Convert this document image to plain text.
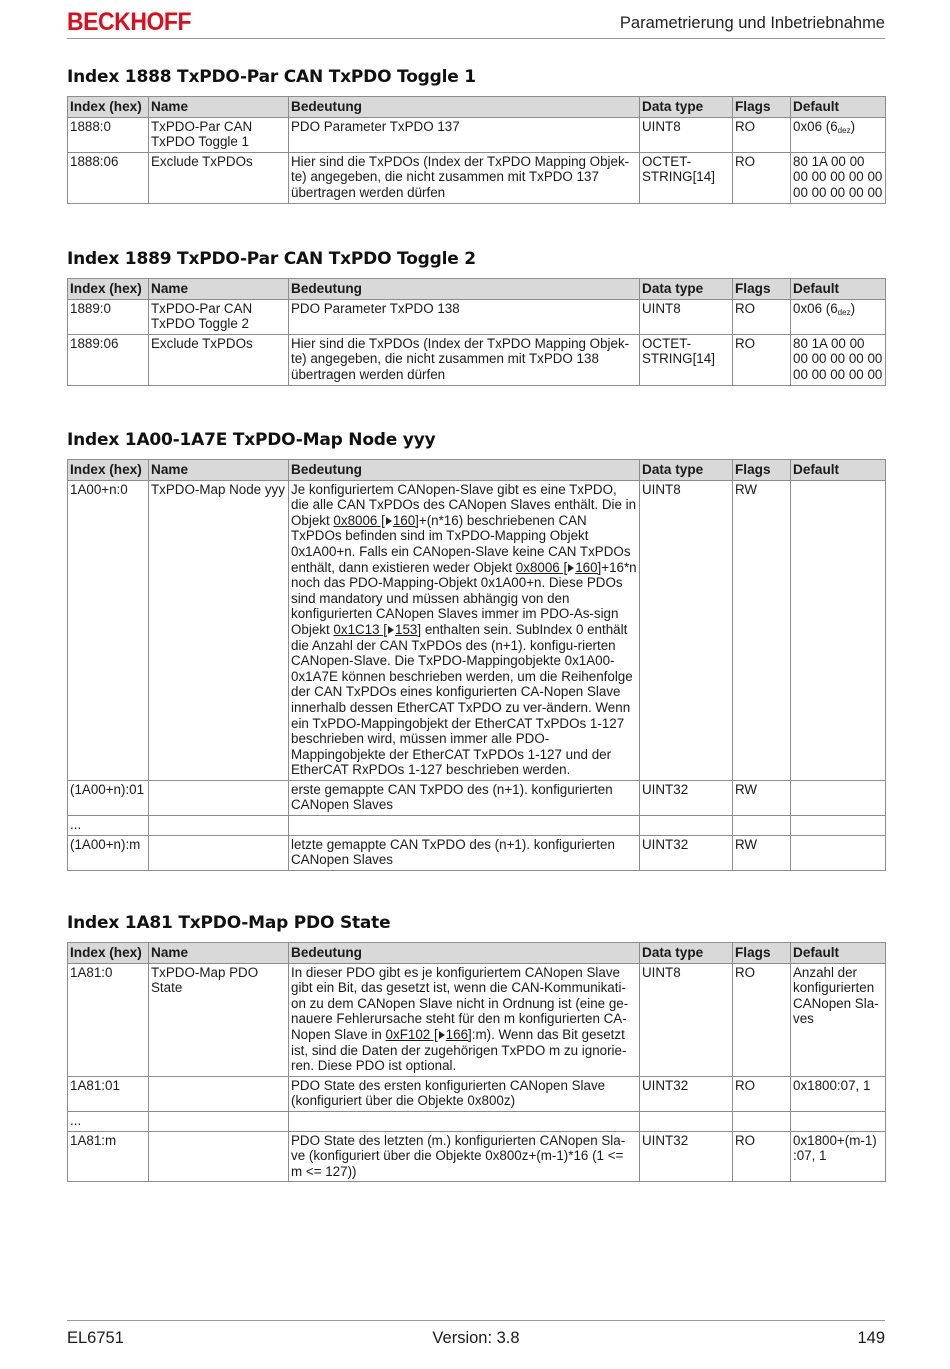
BECKHOFF	Parametrierung und Inbetriebnahme
Index 1888 TxPDO-Par CAN TxPDO Toggle 1
Index (hex)	Name	Bedeutung	Data type	Flags	Default
1888:0	TxPDO-Par CAN TxPDO Toggle 1	PDO Parameter TxPDO 137	UINT8	RO	0x06 $(6_{dez})$
1888:06	Exclude TxPDOs	Hier sind die TxPDOs (Index der TxPDO Mapping Objek-te) angegeben, die nicht zusammen mit TxPDO 137 übertragen werden dürfen	OCTET-STRING[14]	RO	80 1A 00 00 00 00 00 00 00 00 00 00 00 00
Index 1889 TxPDO-Par CAN TxPDO Toggle 2
Index (hex)	Name	Bedeutung	Data type	Flags	Default
1889:0	TxPDO-Par CAN TxPDO Toggle 2	PDO Parameter TxPDO 138	UINT8	RO	0x06 $(6_{dez})$
1889:06	Exclude TxPDOs	Hier sind die TxPDOs (Index der TxPDO Mapping Objek-te) angegeben, die nicht zusammen mit TxPDO 138 übertragen werden dürfen	OCTET-STRING[14]	RO	80 1A 00 00 00 00 00 00 00 00 00 00 00 00
Index 1A00-1A7E TxPDO-Map Node yyy
Index (hex)	Name	Bedeutung	Data type	Flags	Default
1A00+n:0	TxPDO-Map Node yyy	Je konfiguriertem CANopen-Slave gibt es eine TxPDO, die alle CAN TxPDOs des CANopen Slaves enthält. Die in Objekt 0x8006 [ 160]+(n*16) beschriebenen CAN TxPDOs befinden sind im TxPDO-Mapping Objekt 0x1A00+n. Falls ein CANopen-Slave keine CAN TxPDOs enthält, dann existieren weder Objekt 0x8006 [ 160]+16*n noch das PDO-Mapping-Objekt 0x1A00+n. Diese PDOs sind mandatory und müssen abhängig von den konfigurierten CANopen Slaves immer im PDO-As-sign Objekt 0x1C13 [ 153] enthalten sein. SubIndex 0 enthält die Anzahl der CAN TxPDOs des (n+1). konfigu-rierten CANopen-Slave. Die TxPDO-Mappingobjekte 0x1A00-0x1A7E können beschrieben werden, um die Reihenfolge der CAN TxPDOs eines konfigurierten CA-Nopen Slave innerhalb dessen EtherCAT TxPDO zu ver-ändern. Wenn ein TxPDO-Mappingobjekt der EtherCAT TxPDOs 1-127 beschrieben wird, müssen immer alle PDO-Mappingobjekte der EtherCAT TxPDOs 1-127 und der EtherCAT RxPDOs 1-127 beschrieben werden.	UINT8	RW	
(1A00+n):01		erste gemappte CAN TxPDO des (n+1). konfigurierten CANopen Slaves	UINT32	RW	
...					
(1A00+n):m		letzte gemappte CAN TxPDO des (n+1). konfigurierten CANopen Slaves	UINT32	RW	
Index 1A81 TxPDO-Map PDO State
Index (hex)	Name	Bedeutung	Data type	Flags	Default
1A81:0	TxPDO-Map PDO State	In dieser PDO gibt es je konfiguriertem CANopen Slave gibt ein Bit, das gesetzt ist, wenn die CAN-Kommunikati-on zu dem CANopen Slave nicht in Ordnung ist (eine ge-nauere Fehlerursache steht für den m konfigurierten CA-Nopen Slave in 0xF102 [ 166]:m). Wenn das Bit gesetzt ist, sind die Daten der zugehörigen TxPDO m zu ignorie-ren. Diese PDO ist optional.	UINT8	RO	Anzahl der konfigurierten CANopen Sla-ves
1A81:01		PDO State des ersten konfigurierten CANopen Slave (konfiguriert über die Objekte 0x800z)	UINT32	RO	0x1800:07, 1
...					
1A81:m		PDO State des letzten (m.) konfigurierten CANopen Sla-ve (konfiguriert über die Objekte 0x800z+(m-1)*16 (1 <= m <= 127))	UINT32	RO	0x1800+(m-1) :07, 1
EL6751	Version: 3.8	149
